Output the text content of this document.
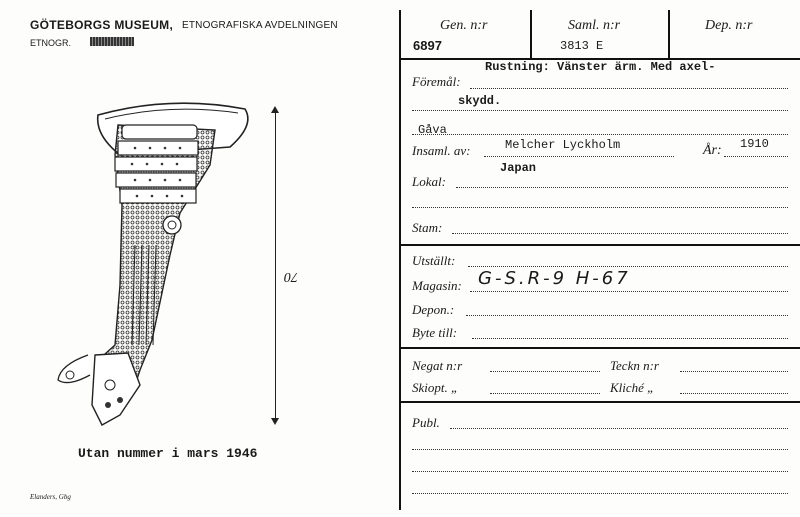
GÖTEBORGS MUSEUM, ETNOGRAFISKA AVDELNINGEN
ETNOGR.
70
Utan nummer i mars 1946
Elanders, Gbg
Gen. n:r
6897
Saml. n:r
3813 E
Dep. n:r
Rustning: Vänster ärm. Med axel-
Föremål:
skydd.
Gåva
Insaml. av:	Melcher Lyckholm	År: 1910
Japan
Lokal:
Stam:
Utställt:
Magasin: G-S.R-9 H-67
Depon.:
Byte till:
Negat n:r	Teckn n:r
Skiopt. „	Kliché „
Publ.
